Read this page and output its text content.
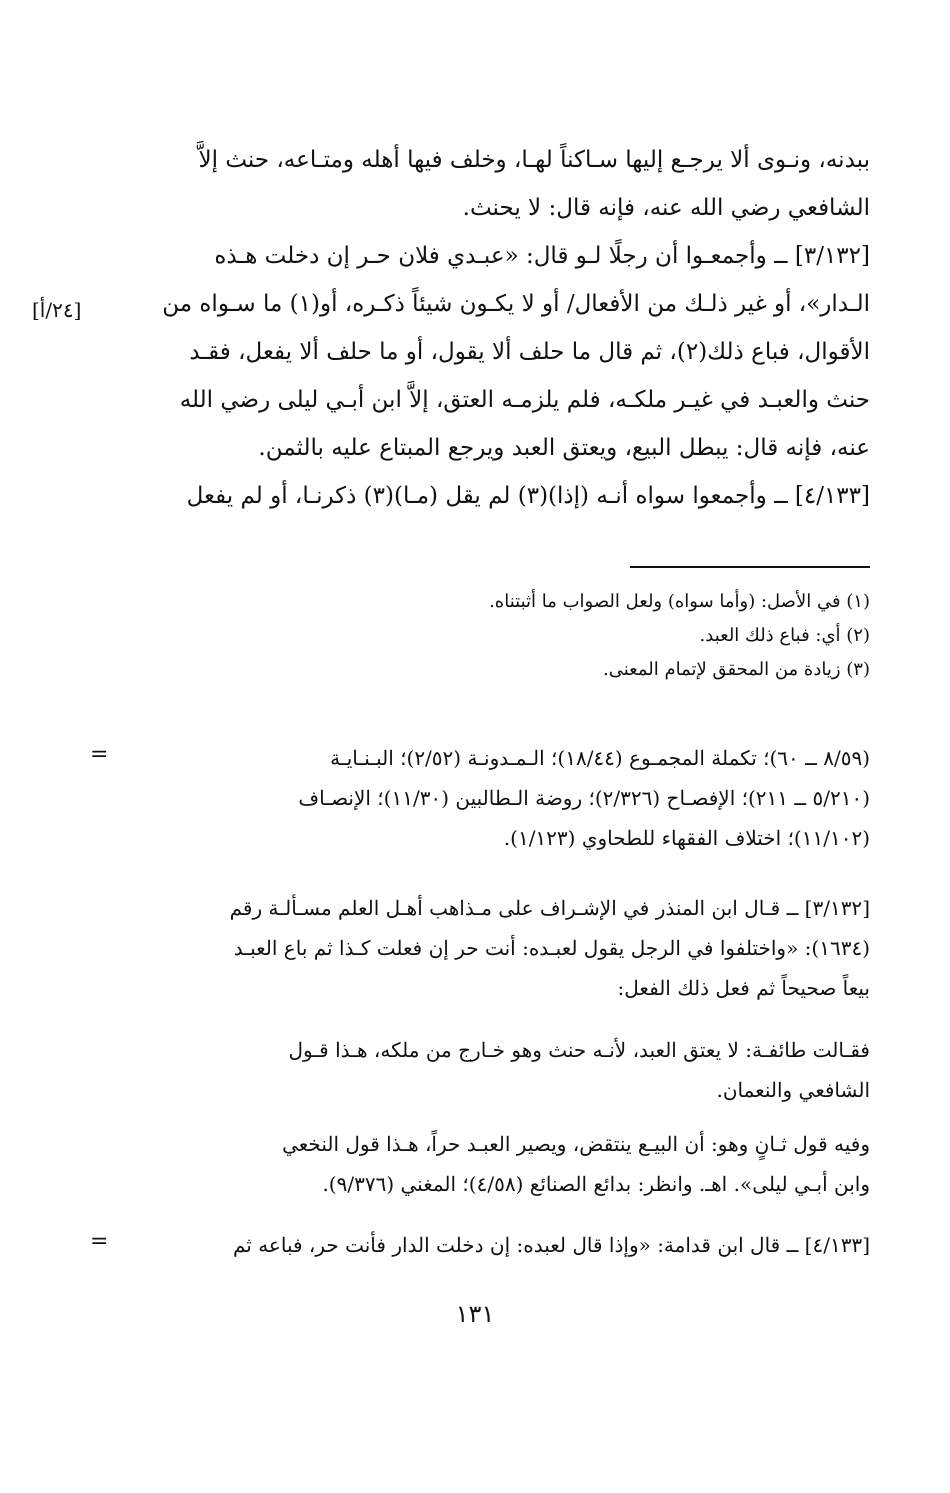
ببدنه، ونـوى ألا يرجـع إليها سـاكناً لهـا، وخلف فيها أهله ومتـاعه، حنث إلاَّ
الشافعي رضي الله عنه، فإنه قال: لا يحنث.
[٣/١٣٢] ــ وأجمعـوا أن رجلًا لـو قال: «عبـدي فلان حـر إن دخلت هـذه
الـدار»، أو غير ذلـك من الأفعال/ أو لا يكـون شيئاً ذكـره، أو(١) ما سـواه من
الأقوال، فباع ذلك(٢)، ثم قال ما حلف ألا يقول، أو ما حلف ألا يفعل، فقـد
حنث والعبـد في غيـر ملكـه، فلم يلزمـه العتق، إلاَّ ابن أبـي ليلى رضي الله
عنه، فإنه قال: يبطل البيع، ويعتق العبد ويرجع المبتاع عليه بالثمن.
[٤/١٣٣] ــ وأجمعوا سواه أنـه (إذا)(٣) لم يقل (مـا)(٣) ذكرنـا، أو لم يفعل
[٢٤/أ]
(١) في الأصل: (وأما سواه) ولعل الصواب ما أثبتناه.
(٢) أي: فباع ذلك العبد.
(٣) زيادة من المحقق لإتمام المعنى.
=	(٨/٥٩ ــ ٦٠)؛ تكملة المجمـوع (١٨/٤٤)؛ الـمـدونـة (٢/٥٢)؛ البـنـايـة
(٥/٢١٠ ــ ٢١١)؛ الإفصـاح (٢/٣٢٦)؛ روضة الـطالبين (١١/٣٠)؛ الإنصـاف
(١١/١٠٢)؛ اختلاف الفقهاء للطحاوي (١/١٢٣).
[٣/١٣٢] ــ قـال ابن المنذر في الإشـراف على مـذاهب أهـل العلم مسـألـة رقم
(١٦٣٤): «واختلفوا في الرجل يقول لعبـده: أنت حر إن فعلت كـذا ثم باع العبـد
بيعاً صحيحاً ثم فعل ذلك الفعل:
فقـالت طائفـة: لا يعتق العبد، لأنـه حنث وهو خـارج من ملكه، هـذا قـول
الشافعي والنعمان.
وفيه قول ثـانٍ وهو: أن البيـع ينتقض، ويصير العبـد حراً، هـذا قول النخعي
وابن أبـي ليلى». اهـ. وانظر: بدائع الصنائع (٤/٥٨)؛ المغني (٩/٣٧٦).
[٤/١٣٣] ــ قال ابن قدامة: «وإذا قال لعبده: إن دخلت الدار فأنت حر، فباعه ثم
=
١٣١
